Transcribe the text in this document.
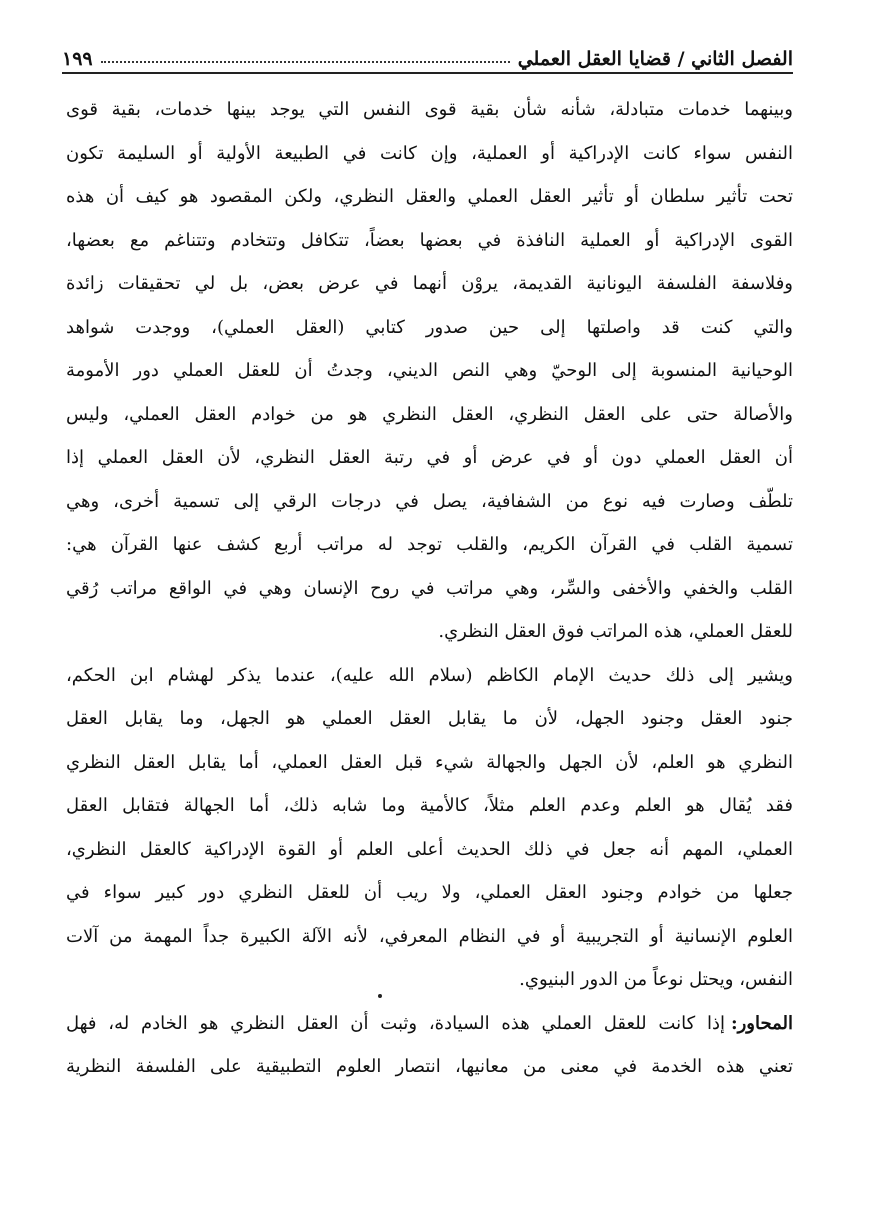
الفصل الثاني / قضايا العقل العملي
١٩٩
وبينهما خدمات متبادلة، شأنه شأن بقية قوى النفس التي يوجد بينها خدمات، بقية قوى
النفس سواء كانت الإدراكية أو العملية، وإن كانت في الطبيعة الأولية أو السليمة تكون
تحت تأثير سلطان أو تأثير العقل العملي والعقل النظري، ولكن المقصود هو كيف أن هذه
القوى الإدراكية أو العملية النافذة في بعضها بعضاً، تتكافل وتتخادم وتتناغم مع بعضها،
وفلاسفة الفلسفة اليونانية القديمة، يروْن أنهما في عرض بعض، بل لي تحقيقات زائدة
والتي كنت قد واصلتها إلى حين صدور كتابي (العقل العملي)، ووجدت شواهد
الوحيانية المنسوبة إلى الوحيّ وهي النص الديني، وجدتُ أن للعقل العملي دور الأمومة
والأصالة حتى على العقل النظري، العقل النظري هو من خوادم العقل العملي، وليس
أن العقل العملي دون أو في عرض أو في رتبة العقل النظري، لأن العقل العملي إذا
تلطّف وصارت فيه نوع من الشفافية، يصل في درجات الرقي إلى تسمية أخرى، وهي
تسمية القلب في القرآن الكريم، والقلب توجد له مراتب أربع كشف عنها القرآن هي:
القلب والخفي والأخفى والسِّر، وهي مراتب في روح الإنسان وهي في الواقع مراتب رُقي
للعقل العملي، هذه المراتب فوق العقل النظري.
ويشير إلى ذلك حديث الإمام الكاظم (سلام الله عليه)، عندما يذكر لهشام ابن الحكم،
جنود العقل وجنود الجهل، لأن ما يقابل العقل العملي هو الجهل، وما يقابل العقل
النظري هو العلم، لأن الجهل والجهالة شيء قبل العقل العملي، أما يقابل العقل النظري
فقد يُقال هو العلم وعدم العلم مثلاً، كالأمية وما شابه ذلك، أما الجهالة فتقابل العقل
العملي، المهم أنه جعل في ذلك الحديث أعلى العلم أو القوة الإدراكية كالعقل النظري،
جعلها من خوادم وجنود العقل العملي، ولا ريب أن للعقل النظري دور كبير سواء في
العلوم الإنسانية أو التجريبية أو في النظام المعرفي، لأنه الآلة الكبيرة جداً المهمة من آلات
النفس، ويحتل نوعاً من الدور البنيوي.
المحاور:إذا كانت للعقل العملي هذه السيادة، وثبت أن العقل النظري هو الخادم له، فهل
تعني هذه الخدمة في معنى من معانيها، انتصار العلوم التطبيقية على الفلسفة النظرية
